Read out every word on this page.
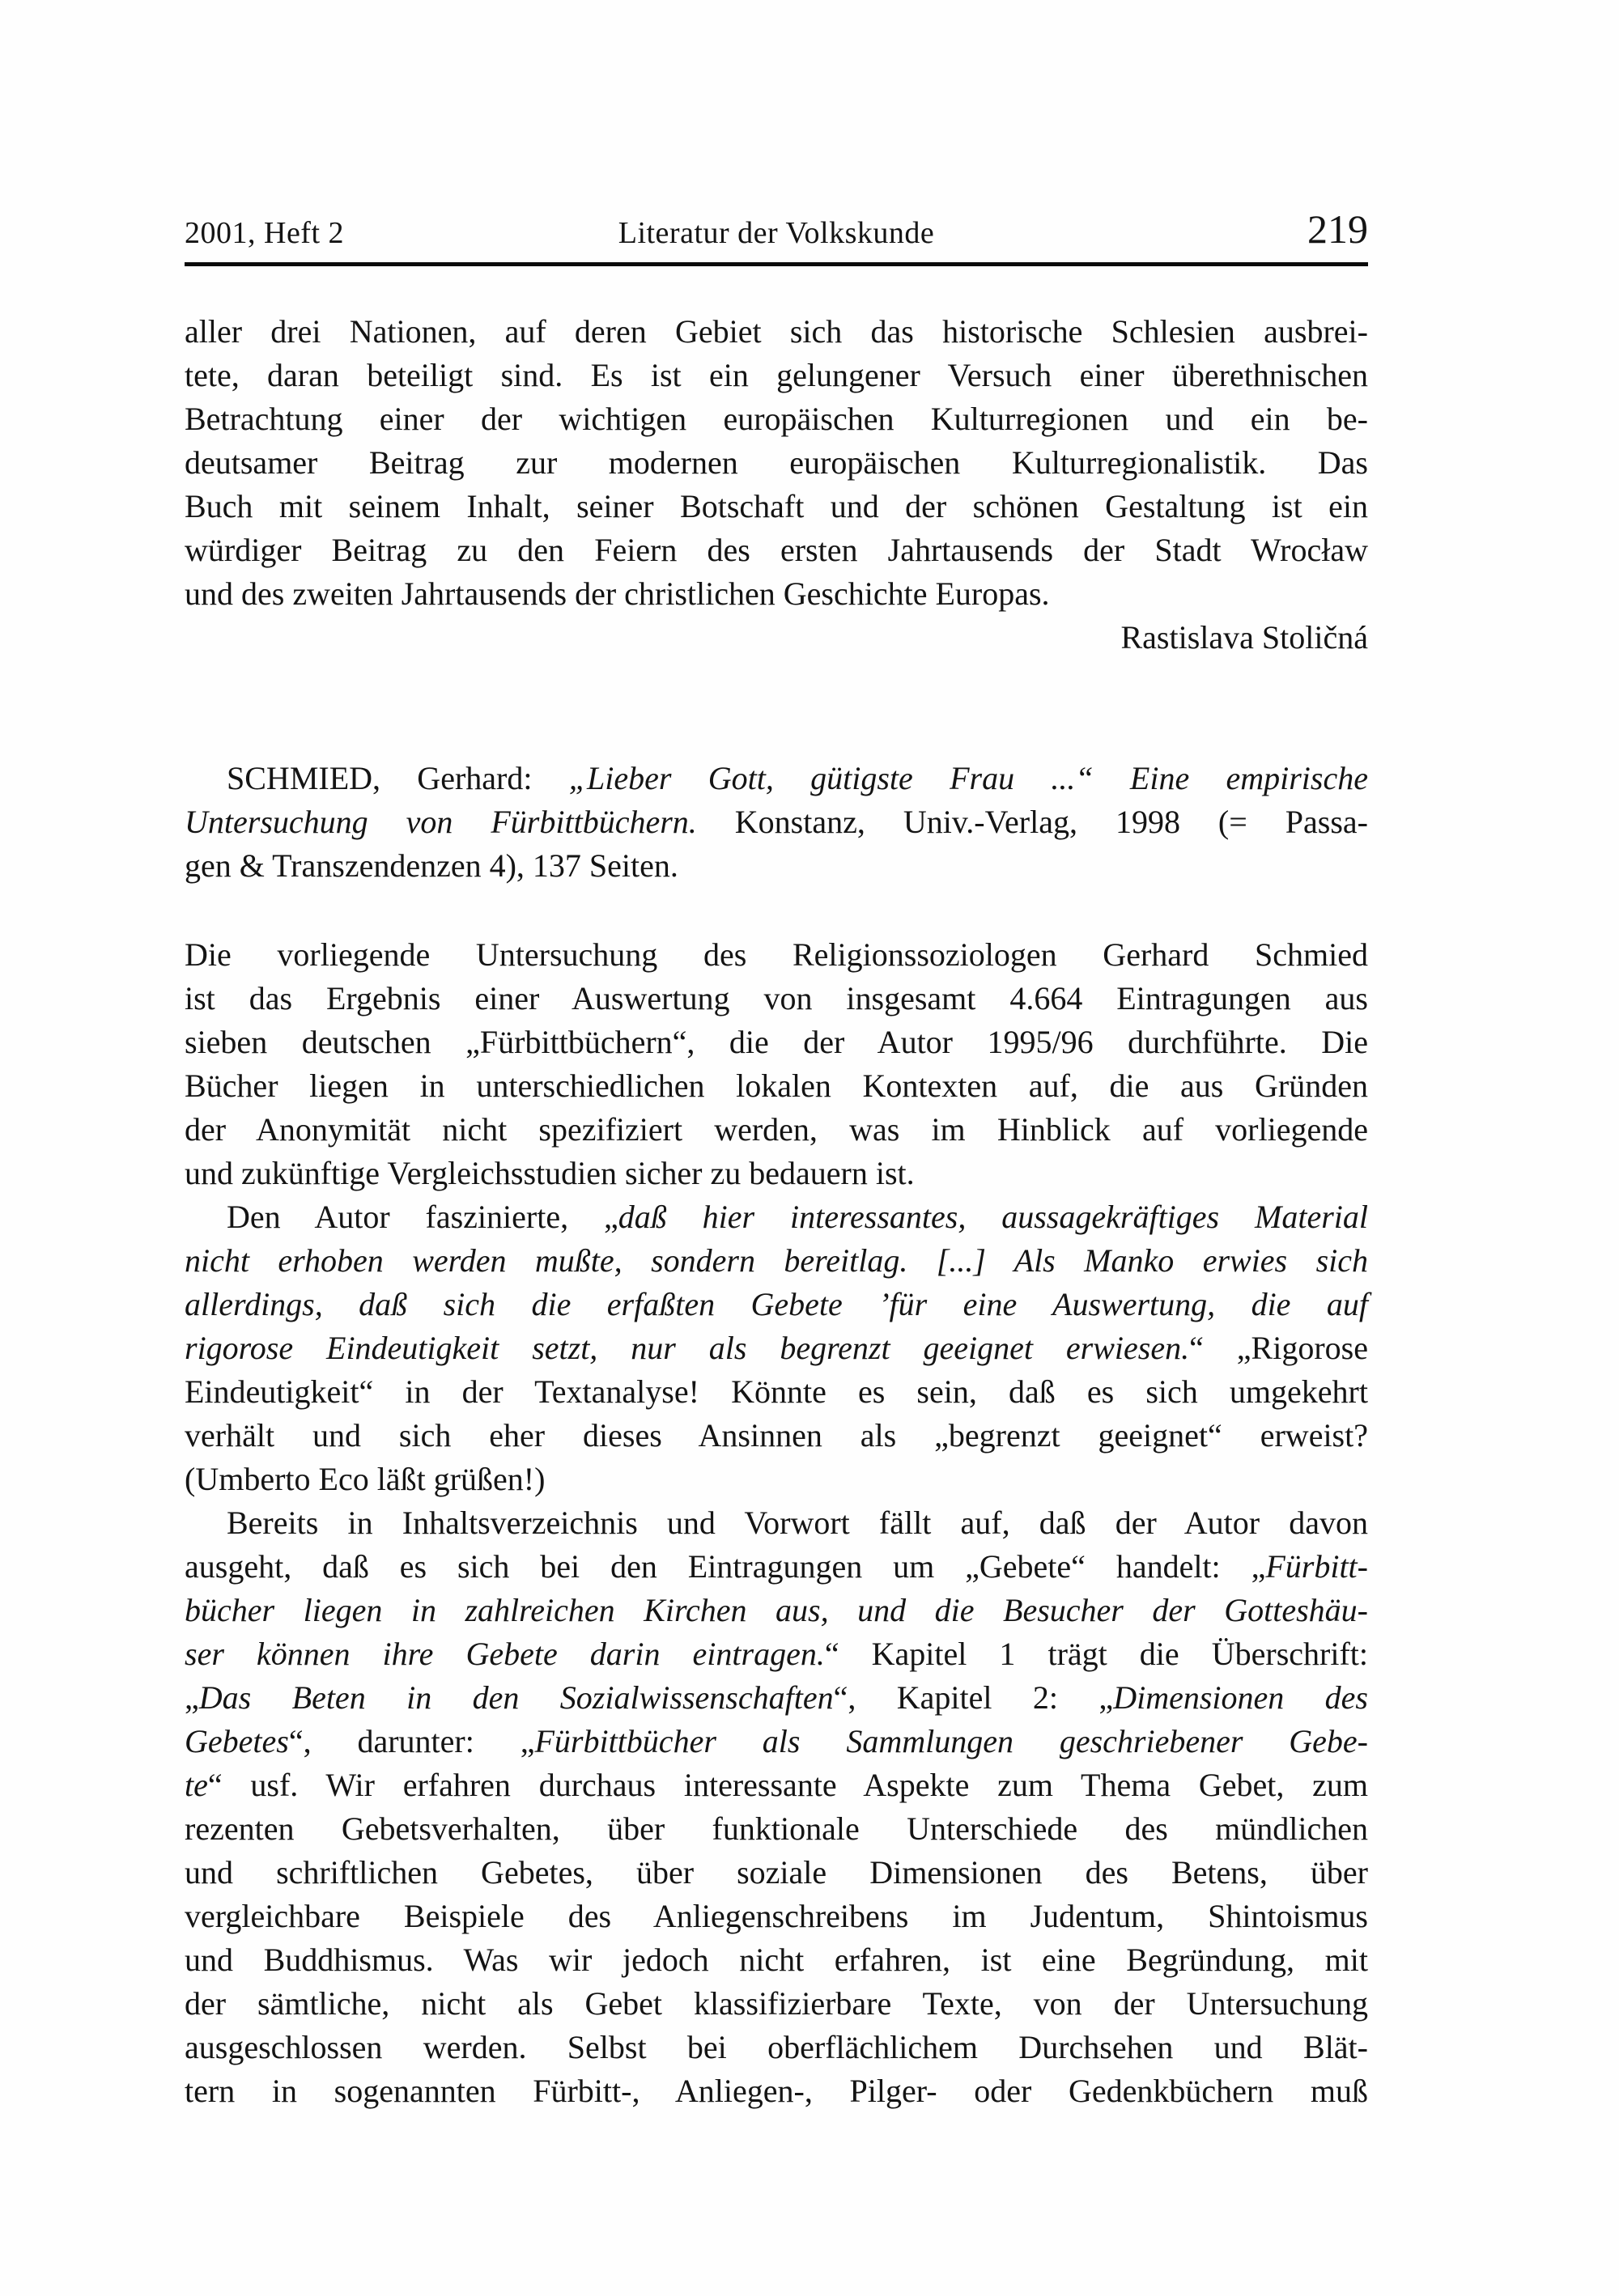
2001, Heft 2	Literatur der Volkskunde	219
aller drei Nationen, auf deren Gebiet sich das historische Schlesien ausbrei-
tete, daran beteiligt sind. Es ist ein gelungener Versuch einer überethnischen
Betrachtung einer der wichtigen europäischen Kulturregionen und ein be-
deutsamer Beitrag zur modernen europäischen Kulturregionalistik. Das
Buch mit seinem Inhalt, seiner Botschaft und der schönen Gestaltung ist ein
würdiger Beitrag zu den Feiern des ersten Jahrtausends der Stadt Wrocław
und des zweiten Jahrtausends der christlichen Geschichte Europas.
Rastislava Stoličná
SCHMIED, Gerhard: „Lieber Gott, gütigste Frau ...“ Eine empirische
Untersuchung von Fürbittbüchern. Konstanz, Univ.-Verlag, 1998 (= Passa-
gen & Transzendenzen 4), 137 Seiten.
Die vorliegende Untersuchung des Religionssoziologen Gerhard Schmied
ist das Ergebnis einer Auswertung von insgesamt 4.664 Eintragungen aus
sieben deutschen „Fürbittbüchern“, die der Autor 1995/96 durchführte. Die
Bücher liegen in unterschiedlichen lokalen Kontexten auf, die aus Gründen
der Anonymität nicht spezifiziert werden, was im Hinblick auf vorliegende
und zukünftige Vergleichsstudien sicher zu bedauern ist.
Den Autor faszinierte, „daß hier interessantes, aussagekräftiges Material
nicht erhoben werden mußte, sondern bereitlag. [...] Als Manko erwies sich
allerdings, daß sich die erfaßten Gebete ’für eine Auswertung, die auf
rigorose Eindeutigkeit setzt, nur als begrenzt geeignet erwiesen.“ „Rigorose
Eindeutigkeit“ in der Textanalyse! Könnte es sein, daß es sich umgekehrt
verhält und sich eher dieses Ansinnen als „begrenzt geeignet“ erweist?
(Umberto Eco läßt grüßen!)
Bereits in Inhaltsverzeichnis und Vorwort fällt auf, daß der Autor davon
ausgeht, daß es sich bei den Eintragungen um „Gebete“ handelt: „Fürbitt-
bücher liegen in zahlreichen Kirchen aus, und die Besucher der Gotteshäu-
ser können ihre Gebete darin eintragen.“ Kapitel 1 trägt die Überschrift:
„Das Beten in den Sozialwissenschaften“, Kapitel 2: „Dimensionen des
Gebetes“, darunter: „Fürbittbücher als Sammlungen geschriebener Gebe-
te“ usf. Wir erfahren durchaus interessante Aspekte zum Thema Gebet, zum
rezenten Gebetsverhalten, über funktionale Unterschiede des mündlichen
und schriftlichen Gebetes, über soziale Dimensionen des Betens, über
vergleichbare Beispiele des Anliegenschreibens im Judentum, Shintoismus
und Buddhismus. Was wir jedoch nicht erfahren, ist eine Begründung, mit
der sämtliche, nicht als Gebet klassifizierbare Texte, von der Untersuchung
ausgeschlossen werden. Selbst bei oberflächlichem Durchsehen und Blät-
tern in sogenannten Fürbitt-, Anliegen-, Pilger- oder Gedenkbüchern muß
